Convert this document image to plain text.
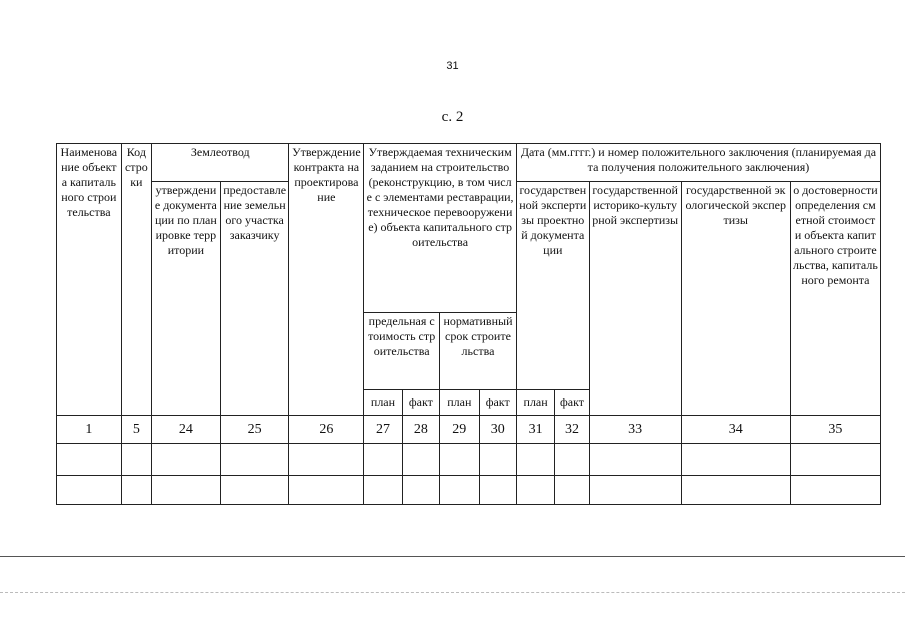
31
с. 2
Наименование объекта капитального строительства	Код строки	Землеотвод		Утверждение контракта на проектирование	Утверждаемая техническим заданием на строительство (реконструкцию, в том числе с элементами реставрации, техническое перевооружение) объекта капитального строительства				Дата (мм.гггг.) и номер положительного заключения (планируемая дата получения положительного заключения)				
		утверждение документации по планировке территории	предоставление земельного участка заказчику						государственной экспертизы проектной документации		государственной историко-культурной экспертизы	государственной экологической экспертизы	о достоверности определения сметной стоимости объекта капитального строительства, капитального ремонта
					предельная стоимость строительства		нормативный срок строительства						
					план	факт	план	факт	план	факт			
1	5	24	25	26	27	28	29	30	31	32	33	34	35
